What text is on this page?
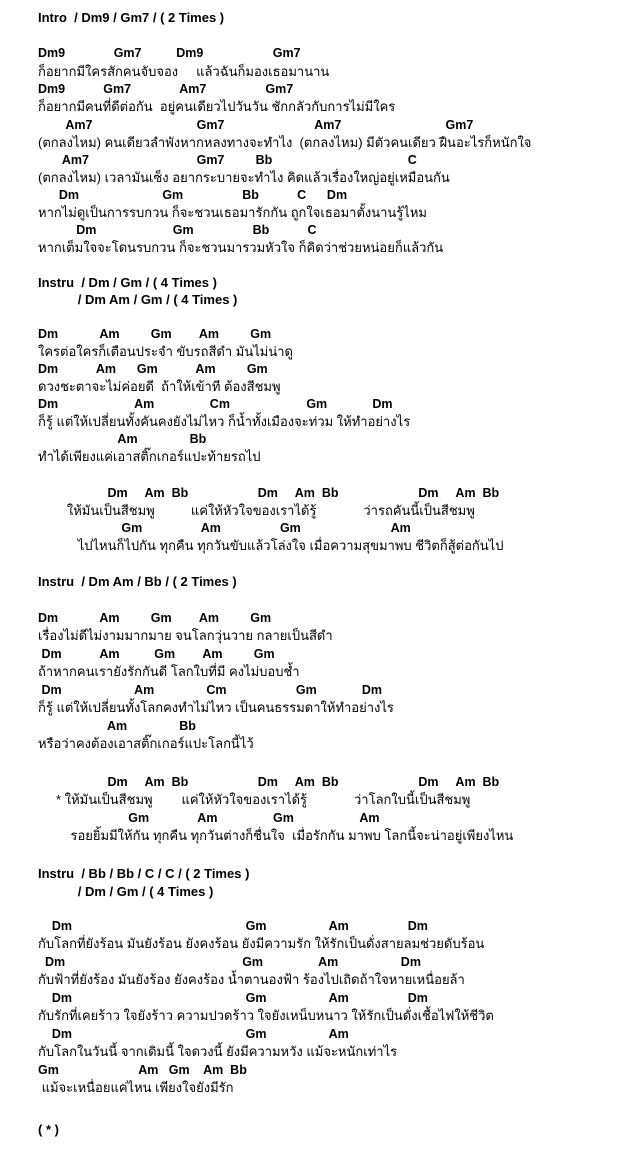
Intro  / Dm9 / Gm7 / ( 2 Times )
Dm9              Gm7          Dm9                    Gm7
ก็อยากมีใครสักคนจับจอง     แล้วฉันก็มองเธอมานาน
Dm9           Gm7              Am7                 Gm7
ก็อยากมีคนที่ดีต่อกัน  อยู่คนเดียวไปวันวัน ชักกลัวกับการไม่มีใคร
Am7                              Gm7                          Am7                              Gm7
(ตกลงไหม) คนเดียวลำพังหากหลงทางจะทำไง  (ตกลงไหม) มีตัวคนเดียว ฝืนอะไรก็หนักใจ
Am7                               Gm7         Bb                                       C
(ตกลงไหม) เวลามันเซ็ง อยากระบายจะทำไง คิดแล้วเรื่องใหญ่อยู่เหมือนกัน
Dm                        Gm                 Bb           C      Dm
หากไม่ดูเป็นการรบกวน ก็จะชวนเธอมารักกัน ถูกใจเธอมาตั้งนานรู้ไหม
Dm                      Gm                 Bb           C
หากเต็มใจจะโดนรบกวน ก็จะชวนมารวมหัวใจ ก็คิดว่าช่วยหน่อยก็แล้วกัน
Instru  / Dm / Gm / ( 4 Times )
/ Dm Am / Gm / ( 4 Times )
Dm            Am         Gm        Am         Gm
ใครต่อใครก็เตือนประจำ ขับรถสีดำ มันไม่น่าดู
Dm           Am      Gm           Am         Gm
ดวงชะตาจะไม่ค่อยดี  ถ้าให้เข้าที ต้องสีชมพู
Dm                      Am                Cm                      Gm             Dm
ก็รู้ แต่ให้เปลี่ยนทั้งคันคงยังไม่ไหว ก็น้ำทั้งเมืองจะท่วม ให้ทำอย่างไร
Am               Bb
ทำได้เพียงแค่เอาสติ๊กเกอร์แปะท้ายรถไป
Dm     Am  Bb                    Dm     Am  Bb                       Dm     Am  Bb
ให้มันเป็นสีชมพู          แค่ให้หัวใจของเราได้รู้             ว่ารถคันนี้เป็นสีชมพู
Gm                 Am                 Gm                          Am
ไปไหนก็ไปกัน ทุกคืน ทุกวันขับแล้วโล่งใจ เมื่อความสุขมาพบ ชีวิตก็สู้ต่อกันไป
Instru  / Dm Am / Bb / ( 2 Times )
Dm            Am         Gm        Am         Gm
เรื่องไม่ดีไม่งามมากมาย จนโลกวุ่นวาย กลายเป็นสีดำ
Dm           Am          Gm        Am         Gm
ถ้าหากคนเรายังรักกันดี โลกใบที่มี คงไม่บอบช้ำ
Dm                     Am               Cm                    Gm             Dm
ก็รู้ แต่ให้เปลี่ยนทั้งโลกคงทำไม่ไหว เป็นคนธรรมดาให้ทำอย่างไร
Am               Bb
หรือว่าคงต้องเอาสติ๊กเกอร์แปะโลกนี้ไว้
Dm     Am  Bb                    Dm     Am  Bb                       Dm     Am  Bb
* ให้มันเป็นสีชมพู        แค่ให้หัวใจของเราได้รู้             ว่าโลกใบนี้เป็นสีชมพู
Gm              Am                Gm                   Am
รอยยิ้มมีให้กัน ทุกคืน ทุกวันต่างก็ชื่นใจ  เมื่อรักกัน มาพบ โลกนี้จะน่าอยู่เพียงไหน
Instru  / Bb / Bb / C / C / ( 2 Times )
/ Dm / Gm / ( 4 Times )
Dm                                                  Gm                  Am                 Dm
กับโลกที่ยังร้อน มันยังร้อน ยังคงร้อน ยังมีความรัก ให้รักเป็นดั่งสายลมช่วยดับร้อน
Dm                                                   Gm                Am                  Dm
กับฟ้าที่ยังร้อง มันยังร้อง ยังคงร้อง น้ำตานองฟ้า ร้องไปเถิดถ้าใจหายเหนื่อยล้า
Dm                                                  Gm                  Am                 Dm
กับรักที่เคยร้าว ใจยังร้าว ความปวดร้าว ใจยังเหน็บหนาว ให้รักเป็นดั่งเชื้อไฟให้ชีวิต
Dm                                                  Gm                  Am
กับโลกในวันนี้ จากเดิมนี้ ใจดวงนี้ ยังมีความหวัง แม้จะหนักเท่าไร
Gm                       Am   Gm    Am  Bb
แม้จะเหนื่อยแค่ไหน เพียงใจยังมีรัก
( * )
